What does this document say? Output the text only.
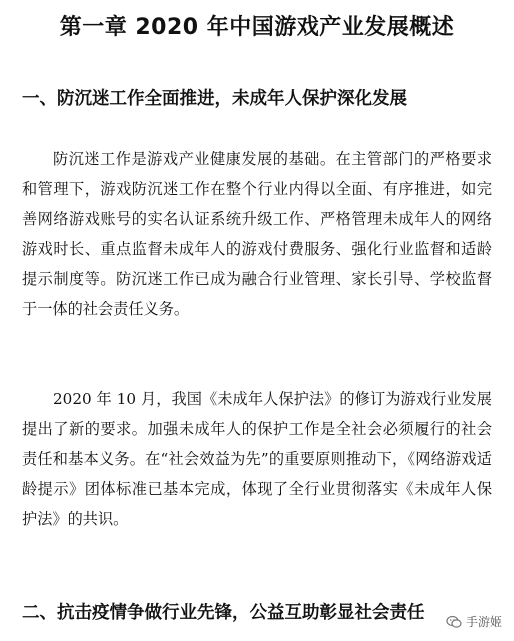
第一章 2020 年中国游戏产业发展概述
一、防沉迷工作全面推进，未成年人保护深化发展

防沉迷工作是游戏产业健康发展的基础。在主管部门的严格要求和管理下，游戏防沉迷工作在整个行业内得以全面、有序推进，如完善网络游戏账号的实名认证系统升级工作、严格管理未成年人的网络游戏时长、重点监督未成年人的游戏付费服务、强化行业监督和适龄提示制度等。防沉迷工作已成为融合行业管理、家长引导、学校监督于一体的社会责任义务。

2020 年 10 月，我国《未成年人保护法》的修订为游戏行业发展提出了新的要求。加强未成年人的保护工作是全社会必须履行的社会责任和基本义务。在“社会效益为先”的重要原则推动下，《网络游戏适龄提示》团体标准已基本完成，体现了全行业贯彻落实《未成年人保护法》的共识。

二、抗击疫情争做行业先锋，公益互助彰显社会责任	手游姬
